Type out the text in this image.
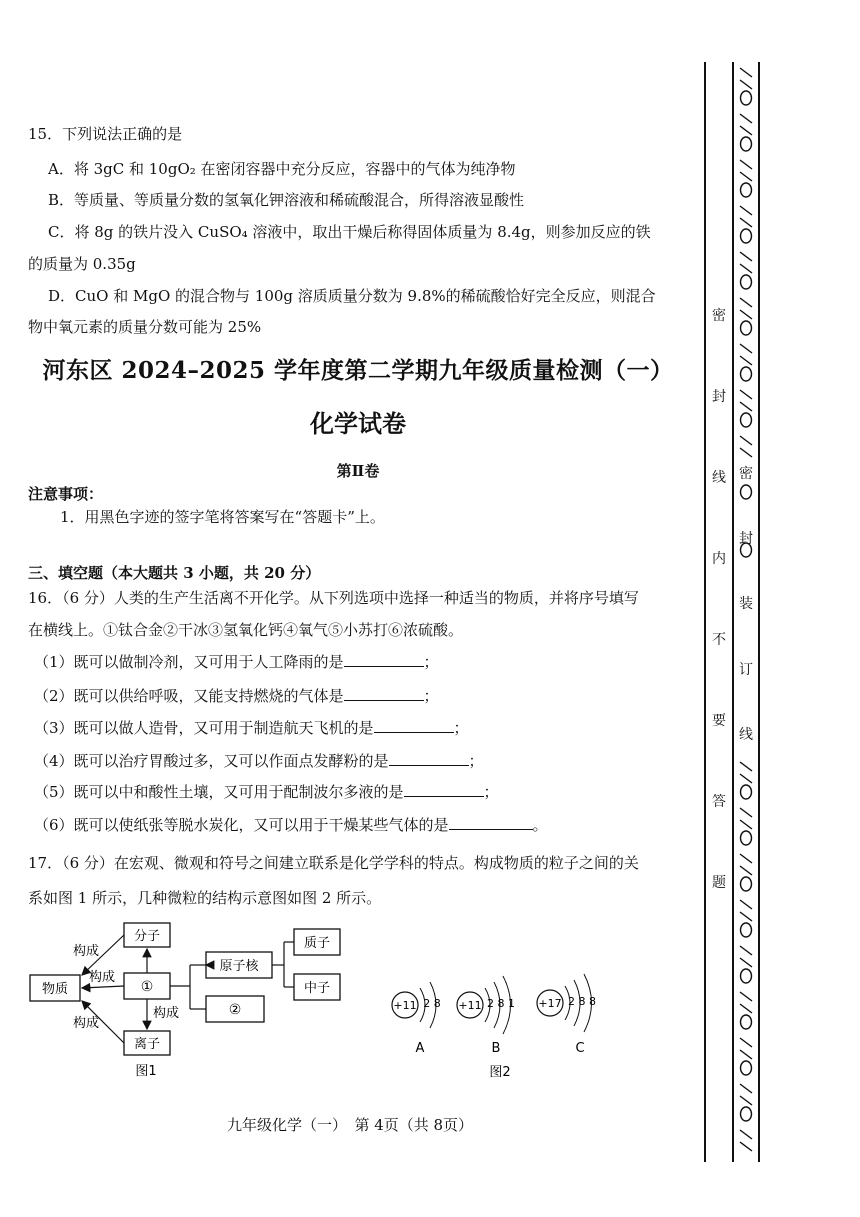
15．下列说法正确的是
A．将 3gC 和 10gO₂ 在密闭容器中充分反应，容器中的气体为纯净物
B．等质量、等质量分数的氢氧化钾溶液和稀硫酸混合，所得溶液显酸性
C．将 8g 的铁片没入 CuSO₄ 溶液中，取出干燥后称得固体质量为 8.4g，则参加反应的铁
的质量为 0.35g
D．CuO 和 MgO 的混合物与 100g 溶质质量分数为 9.8%的稀硫酸恰好完全反应，则混合
物中氧元素的质量分数可能为 25%
河东区 2024–2025 学年度第二学期九年级质量检测（一）
化学试卷
第Ⅱ卷
注意事项：
1．用黑色字迹的签字笔将答案写在“答题卡”上。
三、填空题（本大题共 3 小题，共 20 分）
16．（6 分）人类的生产生活离不开化学。从下列选项中选择一种适当的物质，并将序号填写
在横线上。①钛合金②干冰③氢氧化钙④氧气⑤小苏打⑥浓硫酸。
（1）既可以做制冷剂，又可用于人工降雨的是	；
（2）既可以供给呼吸，又能支持燃烧的气体是	；
（3）既可以做人造骨，又可用于制造航天飞机的是	；
（4）既可以治疗胃酸过多，又可以作面点发酵粉的是	；
（5）既可以中和酸性土壤，又可用于配制波尔多液的是	；
（6）既可以使纸张等脱水炭化，又可以用于干燥某些气体的是	。
17．（6 分）在宏观、微观和符号之间建立联系是化学学科的特点。构成物质的粒子之间的关
系如图 1 所示，几种微粒的结构示意图如图 2 所示。
分子
物质	①
离子
原子核
②
质子
中子
构成
构成
构成
构成
图1
+11 2 8
A
+11 2 8 1
B
+17 2 8 8
C
图2
九年级化学（一）　第 4页（共 8页）
密
封
线
内
不
要
答
题
密
封
装
订
线
